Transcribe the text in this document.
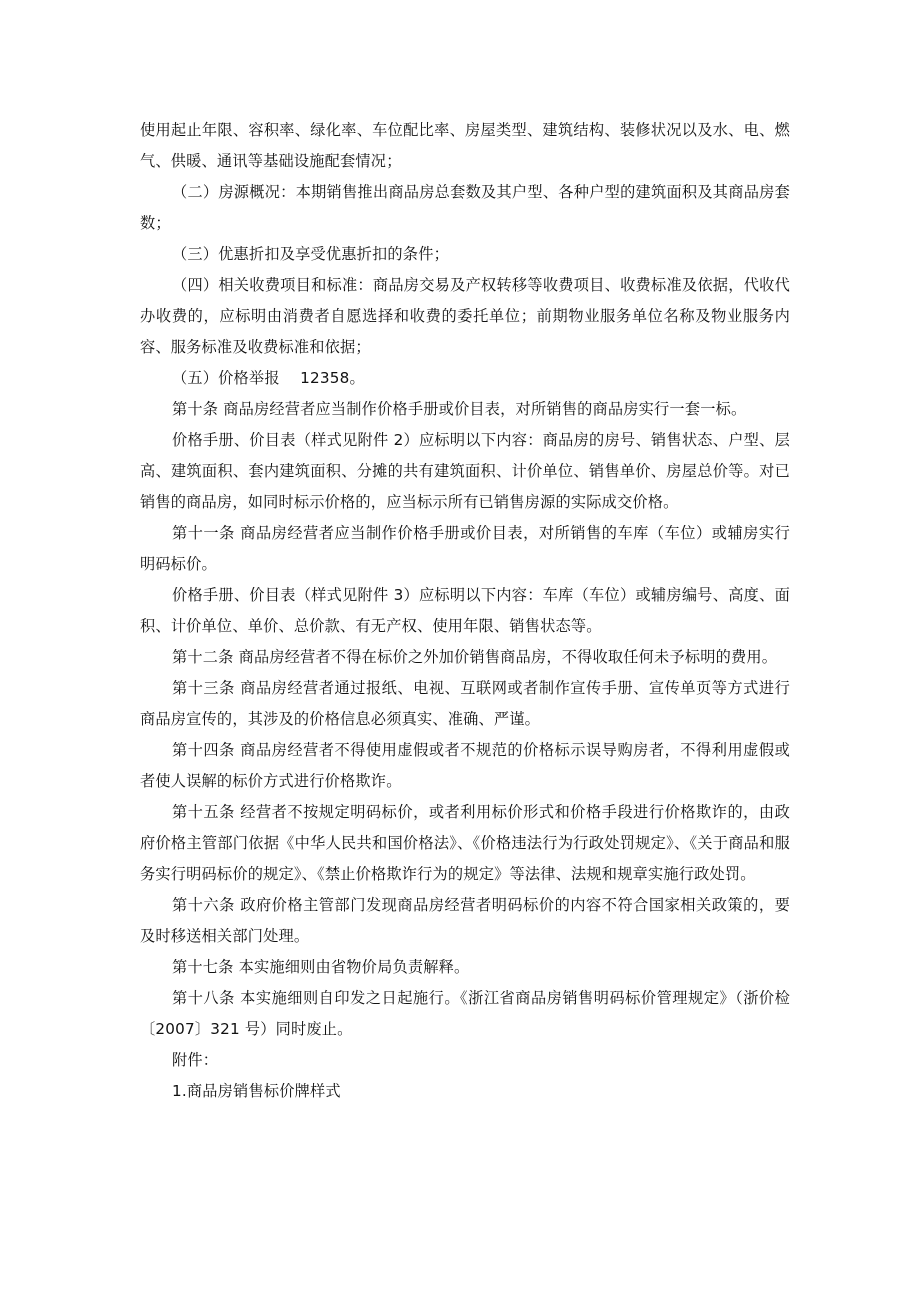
使用起止年限、容积率、绿化率、车位配比率、房屋类型、建筑结构、装修状况以及水、电、燃气、供暖、通讯等基础设施配套情况；

（二）房源概况：本期销售推出商品房总套数及其户型、各种户型的建筑面积及其商品房套数；

（三）优惠折扣及享受优惠折扣的条件；

（四）相关收费项目和标准：商品房交易及产权转移等收费项目、收费标准及依据，代收代办收费的，应标明由消费者自愿选择和收费的委托单位；前期物业服务单位名称及物业服务内容、服务标准及收费标准和依据；

（五）价格举报　 12358。

第十条 商品房经营者应当制作价格手册或价目表，对所销售的商品房实行一套一标。

价格手册、价目表（样式见附件 2）应标明以下内容：商品房的房号、销售状态、户型、层高、建筑面积、套内建筑面积、分摊的共有建筑面积、计价单位、销售单价、房屋总价等。对已销售的商品房，如同时标示价格的，应当标示所有已销售房源的实际成交价格。

第十一条 商品房经营者应当制作价格手册或价目表，对所销售的车库（车位）或辅房实行明码标价。

价格手册、价目表（样式见附件 3）应标明以下内容：车库（车位）或辅房编号、高度、面积、计价单位、单价、总价款、有无产权、使用年限、销售状态等。

第十二条 商品房经营者不得在标价之外加价销售商品房，不得收取任何未予标明的费用。

第十三条 商品房经营者通过报纸、电视、互联网或者制作宣传手册、宣传单页等方式进行商品房宣传的，其涉及的价格信息必须真实、准确、严谨。

第十四条 商品房经营者不得使用虚假或者不规范的价格标示误导购房者，不得利用虚假或者使人误解的标价方式进行价格欺诈。

第十五条 经营者不按规定明码标价，或者利用标价形式和价格手段进行价格欺诈的，由政府价格主管部门依据《中华人民共和国价格法》、《价格违法行为行政处罚规定》、《关于商品和服务实行明码标价的规定》、《禁止价格欺诈行为的规定》等法律、法规和规章实施行政处罚。

第十六条 政府价格主管部门发现商品房经营者明码标价的内容不符合国家相关政策的，要及时移送相关部门处理。

第十七条 本实施细则由省物价局负责解释。

第十八条 本实施细则自印发之日起施行。《浙江省商品房销售明码标价管理规定》（浙价检〔2007〕321 号）同时废止。

附件：

1.商品房销售标价牌样式
